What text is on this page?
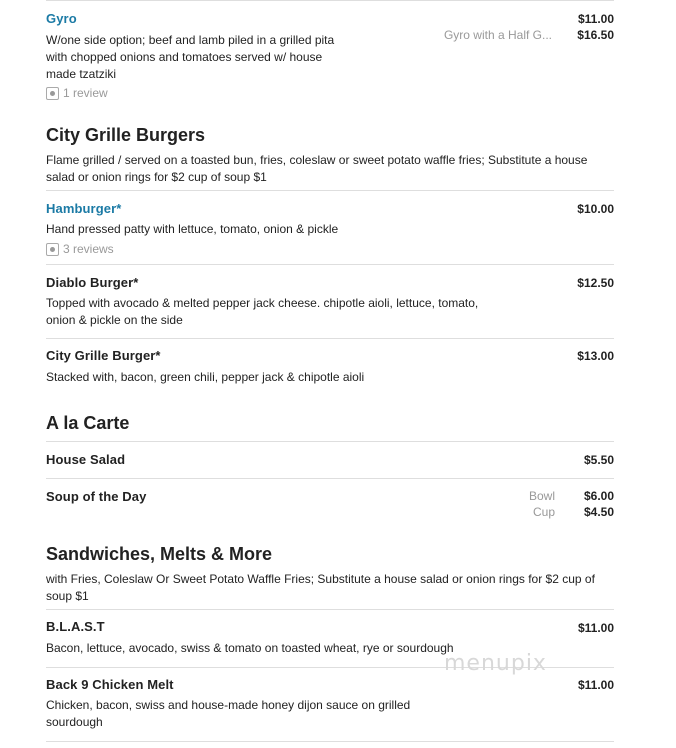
Gyro
W/one side option; beef and lamb piled in a grilled pita with chopped onions and tomatoes served w/ house made tzatziki
1 review
$11.00
Gyro with a Half G... $16.50
City Grille Burgers
Flame grilled / served on a toasted bun, fries, coleslaw or sweet potato waffle fries; Substitute a house salad or onion rings for $2 cup of soup $1
Hamburger*
Hand pressed patty with lettuce, tomato, onion & pickle
3 reviews
$10.00
Diablo Burger*
Topped with avocado & melted pepper jack cheese. chipotle aioli, lettuce, tomato, onion & pickle on the side
$12.50
City Grille Burger*
Stacked with, bacon, green chili, pepper jack & chipotle aioli
$13.00
A la Carte
House Salad	$5.50
Soup of the Day	Bowl $6.00
Cup $4.50
Sandwiches, Melts & More
with Fries, Coleslaw Or Sweet Potato Waffle Fries; Substitute a house salad or onion rings for $2 cup of soup $1
B.L.A.S.T
Bacon, lettuce, avocado, swiss & tomato on toasted wheat, rye or sourdough
$11.00
Back 9 Chicken Melt
Chicken, bacon, swiss and house-made honey dijon sauce on grilled sourdough
$11.00
menupix
